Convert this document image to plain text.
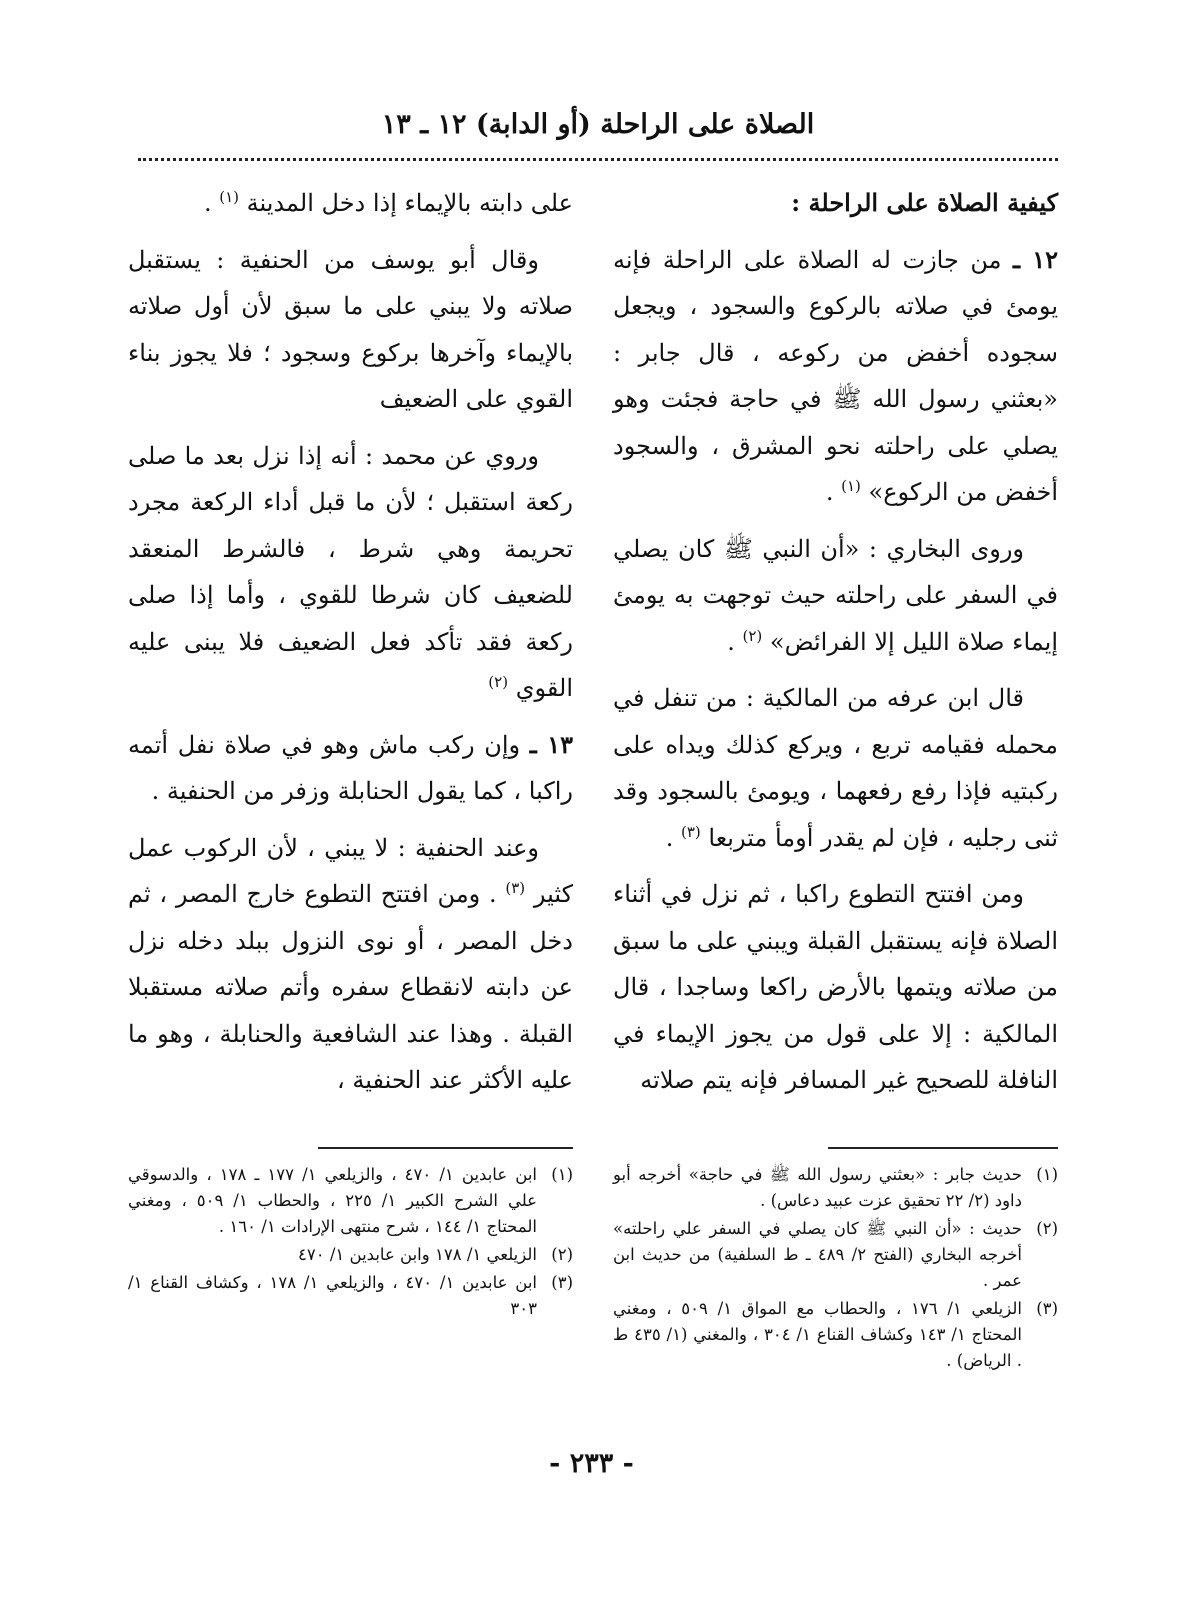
الصلاة على الراحلة (أو الدابة) ١٢ ـ ١٣

كيفية الصلاة على الراحلة :

١٢ ـ من جازت له الصلاة على الراحلة فإنه يومئ في صلاته بالركوع والسجود ، ويجعل سجوده أخفض من ركوعه ، قال جابر : «بعثني رسول الله ﷺ في حاجة فجئت وهو يصلي على راحلته نحو المشرق ، والسجود أخفض من الركوع» $^{(١)}$ .

وروى البخاري : «أن النبي ﷺ كان يصلي في السفر على راحلته حيث توجهت به يومئ إيماء صلاة الليل إلا الفرائض» $^{(٢)}$ .

قال ابن عرفه من المالكية : من تنفل في محمله فقيامه تربع ، ويركع كذلك ويداه على ركبتيه فإذا رفع رفعهما ، ويومئ بالسجود وقد ثنى رجليه ، فإن لم يقدر أومأ متربعا $^{(٣)}$ .

ومن افتتح التطوع راكبا ، ثم نزل في أثناء الصلاة فإنه يستقبل القبلة ويبني على ما سبق من صلاته ويتمها بالأرض راكعا وساجدا ، قال المالكية : إلا على قول من يجوز الإيماء في النافلة للصحيح غير المسافر فإنه يتم صلاته

على دابته بالإيماء إذا دخل المدينة $^{(١)}$ .

وقال أبو يوسف من الحنفية : يستقبل صلاته ولا يبني على ما سبق لأن أول صلاته بالإيماء وآخرها بركوع وسجود ؛ فلا يجوز بناء القوي على الضعيف

وروي عن محمد : أنه إذا نزل بعد ما صلى ركعة استقبل ؛ لأن ما قبل أداء الركعة مجرد تحريمة وهي شرط ، فالشرط المنعقد للضعيف كان شرطا للقوي ، وأما إذا صلى ركعة فقد تأكد فعل الضعيف فلا يبنى عليه القوي $^{(٢)}$

١٣ ـ وإن ركب ماش وهو في صلاة نفل أتمه راكبا ، كما يقول الحنابلة وزفر من الحنفية .

وعند الحنفية : لا يبني ، لأن الركوب عمل كثير $^{(٣)}$ . ومن افتتح التطوع خارج المصر ، ثم دخل المصر ، أو نوى النزول ببلد دخله نزل عن دابته لانقطاع سفره وأتم صلاته مستقبلا القبلة . وهذا عند الشافعية والحنابلة ، وهو ما عليه الأكثر عند الحنفية ،

(١)حديث جابر : «بعثني رسول الله ﷺ في حاجة» أخرجه أبو داود (٢/ ٢٢ تحقيق عزت عبيد دعاس) .

(٢)حديث : «أن النبي ﷺ كان يصلي في السفر علي راحلته» أخرجه البخاري (الفتح ٢/ ٤٨٩ ـ ط السلفية) من حديث ابن عمر .

(٣)الزيلعي ١/ ١٧٦ ، والحطاب مع المواق ١/ ٥٠٩ ، ومغني المحتاج ١/ ١٤٣ وكشاف القناع ١/ ٣٠٤ ، والمغني (١/ ٤٣٥ ط . الرياض) .

(١)ابن عابدين ١/ ٤٧٠ ، والزيلعي ١/ ١٧٧ ـ ١٧٨ ، والدسوقي علي الشرح الكبير ١/ ٢٢٥ ، والحطاب ١/ ٥٠٩ ، ومغني المحتاج ١/ ١٤٤ ، شرح منتهى الإرادات ١/ ١٦٠ .

(٢)الزيلعي ١/ ١٧٨ وابن عابدين ١/ ٤٧٠

(٣)ابن عابدين ١/ ٤٧٠ ، والزيلعي ١/ ١٧٨ ، وكشاف القناع ١/ ٣٠٣

- ٢٣٣ -
